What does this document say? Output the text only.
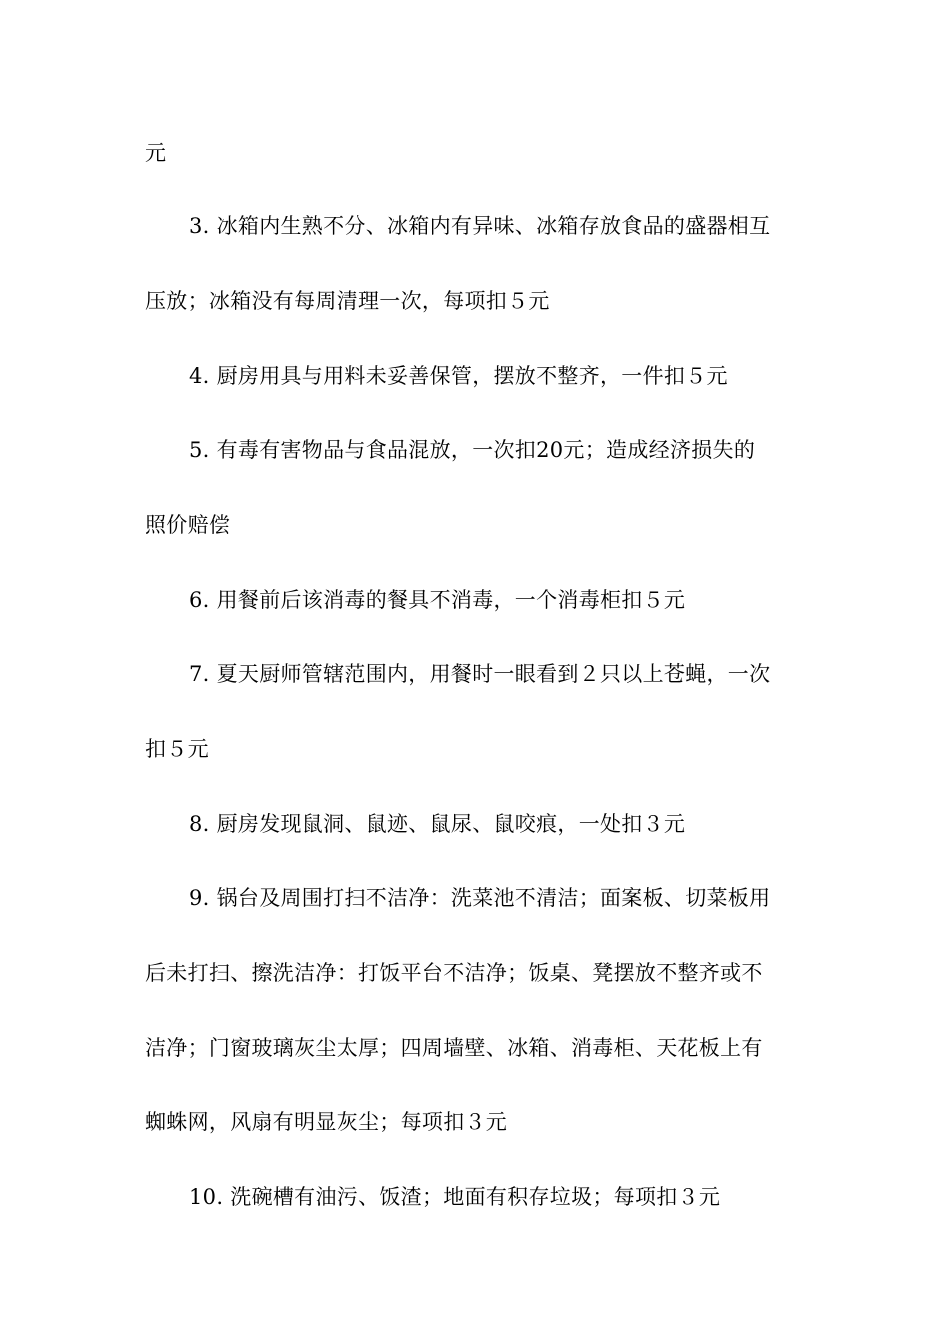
元
3. 冰箱内生熟不分、冰箱内有异味、冰箱存放食品的盛器相互
压放；冰箱没有每周清理一次，每项扣５元
4. 厨房用具与用料未妥善保管，摆放不整齐，一件扣５元
5. 有毒有害物品与食品混放，一次扣20元；造成经济损失的
照价赔偿
6. 用餐前后该消毒的餐具不消毒，一个消毒柜扣５元
7. 夏天厨师管辖范围内，用餐时一眼看到２只以上苍蝇，一次
扣５元
8. 厨房发现鼠洞、鼠迹、鼠尿、鼠咬痕，一处扣３元
9. 锅台及周围打扫不洁净：洗菜池不清洁；面案板、切菜板用
后未打扫、擦洗洁净：打饭平台不洁净；饭桌、凳摆放不整齐或不
洁净；门窗玻璃灰尘太厚；四周墙壁、冰箱、消毒柜、天花板上有
蜘蛛网，风扇有明显灰尘；每项扣３元
10. 洗碗槽有油污、饭渣；地面有积存垃圾；每项扣３元
